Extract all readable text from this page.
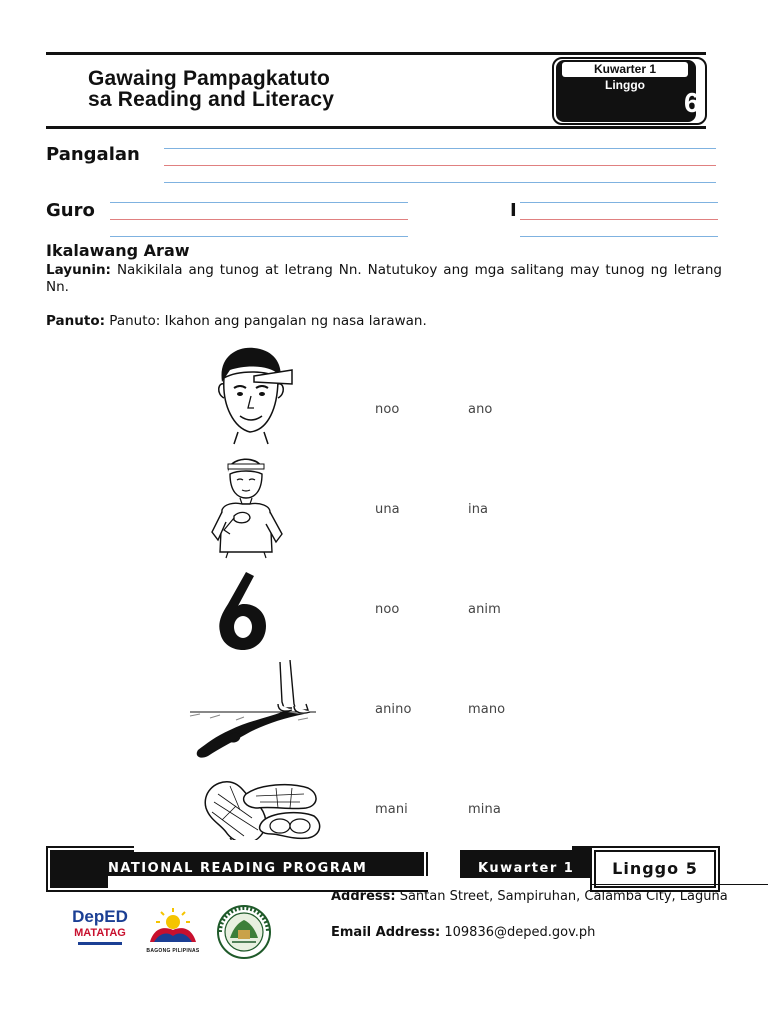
Gawaing Pampagkatuto
sa Reading and Literacy
Kuwarter 1
Linggo
6
Pangalan
Guro	I
Ikalawang Araw
Layunin: Nakikilala ang tunog at letrang Nn. Natutukoy ang mga salitang may tunog ng letrang Nn.
Panuto: Panuto: Ikahon ang pangalan ng nasa larawan.
noo	ano
una	ina
noo	anim
anino	mano
mani	mina
NATIONAL READING PROGRAM	Kuwarter 1	Linggo 5
Address: Santan Street, Sampiruhan, Calamba City, Laguna
Email Address: 109836@deped.gov.ph
DepED
MATATAG
BAGONG PILIPINAS
